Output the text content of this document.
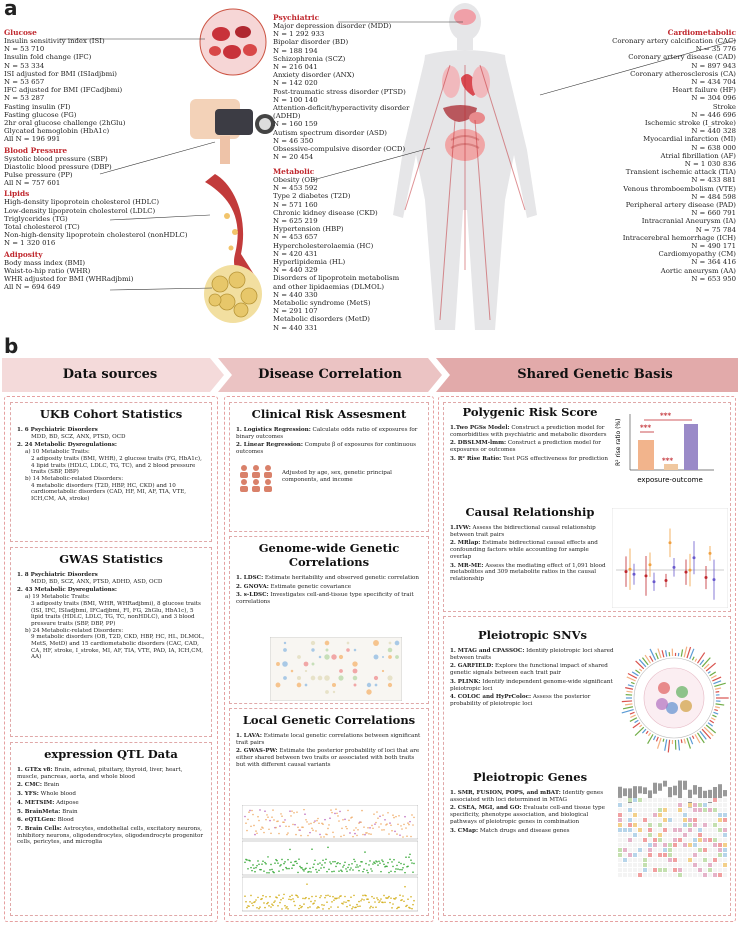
a
Glucose
Insulin sensitivity index (ISI)
N = 53 710
Insulin fold change (IFC)
N = 53 334
ISI adjusted for BMI (ISIadjbmi)
N = 53 657
IFC adjusted for BMI (IFCadjbmi)
N = 53 287
Fasting insulin (FI)
Fasting glucose (FG)
2hr oral glucose challenge (2hGlu)
Glycated hemoglobin (HbA1c)
All N = 196 991
Blood Pressure
Systolic blood pressure (SBP)
Diastolic blood pressure (DBP)
Pulse pressure (PP)
All N = 757 601
Lipids
High-density lipoprotein cholesterol (HDLC)
Low-density lipoprotein cholesterol (LDLC)
Triglycerides (TG)
Total cholesterol (TC)
Non-high-density lipoprotein cholesterol (nonHDLC)
N = 1 320 016
Adiposity
Body mass index (BMI)
Waist-to-hip ratio (WHR)
WHR adjusted for BMI (WHRadjbmi)
All N = 694 649
Psychiatric
Major depression disorder (MDD)
N = 1 292 933
Bipolar disorder (BD)
N = 188 194
Schizophrenia (SCZ)
N = 216 041
Anxiety disorder (ANX)
N = 142 020
Post-traumatic stress disorder (PTSD)
N = 100 140
Attention-deficit/hyperactivity disorder (ADHD)
N = 160 159
Autism spectrum disorder (ASD)
N = 46 350
Obsessive-compulsive disorder (OCD)
N = 20 454
Metabolic
Obesity (OB)
N = 453 592
Type 2 diabetes (T2D)
N = 571 160
Chronic kidney disease (CKD)
N = 625 219
Hypertension (HBP)
N = 453 657
Hypercholesterolaemia (HC)
N = 420 431
Hyperlipidemia (HL)
N = 440 329
Disorders of lipoprotein metabolism
and other lipidaemias (DLMOL)
N = 440 330
Metabolic syndrome (MetS)
N = 291 107
Metabolic disorders (MetD)
N = 440 331
Cardiometabolic
Coronary artery calcification (CAC)
N = 35 776
Coronary artery disease (CAD)
N = 897 943
Coronary atherosclerosis (CA)
N = 434 704
Heart failure (HF)
N = 304 096
Stroke
N = 446 696
Ischemic stroke (I_stroke)
N = 440 328
Myocardial infarction (MI)
N = 638 000
Atrial fibrillation (AF)
N = 1 030 836
Transient ischemic attack (TIA)
N = 433 881
Venous thromboembolism (VTE)
N = 484 598
Peripheral artery disease (PAD)
N = 660 791
Intracranial Aneurysm (IA)
N = 75 784
Intracerebral hemorrhage (ICH)
N = 490 171
Cardiomyopathy (CM)
N = 364 416
Aortic aneurysm (AA)
N = 653 950
b
Data sources	Disease Correlation	Shared Genetic Basis
UKB Cohort Statistics
1. 6 Psychiatric Disorders
MDD, BD, SCZ, ANX, PTSD, OCD
2. 24 Metabolic Dysregulations:
a) 10 Metabolic Traits:
2 adiposity traits (BMI, WHR), 2 glucose traits (FG, HbA1c), 4 lipid traits (HDLC, LDLC, TG, TC), and 2 blood pressure traits (SBP, DBP)
b) 14 Metabolic-related Disorders:
4 metabolic disorders (T2D, HBP, HC, CKD) and 10 cardiometabolic disorders (CAD, HF, MI, AF, TIA, VTE, ICH,CM, AA, stroke)
GWAS Statistics
1. 8 Psychiatric Disorders
MDD, BD, SCZ, ANX, PTSD, ADHD, ASD, OCD
2. 43 Metabolic Dysregulations:
a) 19 Metabolic Traits:
3 adiposity traits (BMI, WHR, WHRadjbmi), 8 glucose traits (ISI, IFC, ISIadjbmi, IFCadjbmi, FI, FG, 2hGlu, HbA1c), 5 lipid traits (HDLC, LDLC, TG, TC, nonHDLC), and 3 blood pressure traits (SBP, DBP, PP)
b) 24 Metabolic-related Disorders:
9 metabolic disorders (OB, T2D, CKD, HBP, HC, HL, DLMOL, MetS, MetD) and 15 cardiometabolic disorders (CAC, CAD, CA, HF, stroke, I_stroke, MI, AF, TIA, VTE, PAD, IA, ICH,CM, AA)
expression QTL Data
1. GTEx v8: Brain, adrenal, pituitary, thyroid, liver, heart, muscle, pancreas, aorta, and whole blood
2. CMC: Brain
3. YFS: Whole blood
4. METSIM: Adipose
5. BrainMeta: Brain
6. eQTLGen: Blood
7. Brain Cells: Astrocytes, endothelial cells, excitatory neurons, inhibitory neurons, oligodendrocytes, oligodendrocyte progenitor cells, pericytes, and microglia
Clinical Risk Assesment
1. Logistics Regression: Calculate odds ratio of exposures for binary outcomes
2. Linear Regression: Compute β of exposures for continuous outcomes
Adjusted by age, sex, genetic principal components, and income
Genome-wide Genetic Correlations
1. LDSC: Estimate heritability and observed genetic correlation
2. GNOVA: Estimate genetic covariance
3. s-LDSC: Investigates cell-and-tissue type specificity of trait correlations
Local Genetic Correlations
1. LAVA: Estimate local genetic correlations between significant trait pairs
2. GWAS-PW: Estimate the posterior probability of loci that are either shared between two traits or associated with both traits but with different causal variants
Polygenic Risk Score
1.Two PGSs Model: Construct a prediction model for comorbidities with psychiatric and metabolic disorders
2. DBSLMM-lmm: Construct a prediction model for exposures or outcomes
3. R² Rise Ratio: Test PGS effectiveness for prediction	R² rise ratio (%)
exposure-outcome
***
***
***
Causal Relationship
1.IVW: Assess the bidirectional causal relationship between trait pairs
2. MRlap: Estimate bidirectional causal effects and confounding factors while accounting for sample overlap
3. MR-ME: Assess the mediating effect of 1,091 blood metabolites and 309 metabolite ratios in the causal relationship
Pleiotropic SNVs
1. MTAG and CPASSOC: Identify pleiotropic loci shared between traits
2. GARFIELD: Explore the functional impact of shared genetic signals between each trait pair
3. PLINK: Identify independent genome-wide significant pleiotropic loci
4. COLOC and HyPrColoc: Assess the posterior probability of pleiotropic loci
Pleiotropic Genes
1. SMR, FUSION, POPS, and mBAT: Identify genes associated with loci determined in MTAG
2. CSEA, MGI, and GO: Evaluate cell-and tissue type specificity, phenotype association, and biological pathways of pleiotropic genes in combination
3. CMap: Match drugs and disease genes
